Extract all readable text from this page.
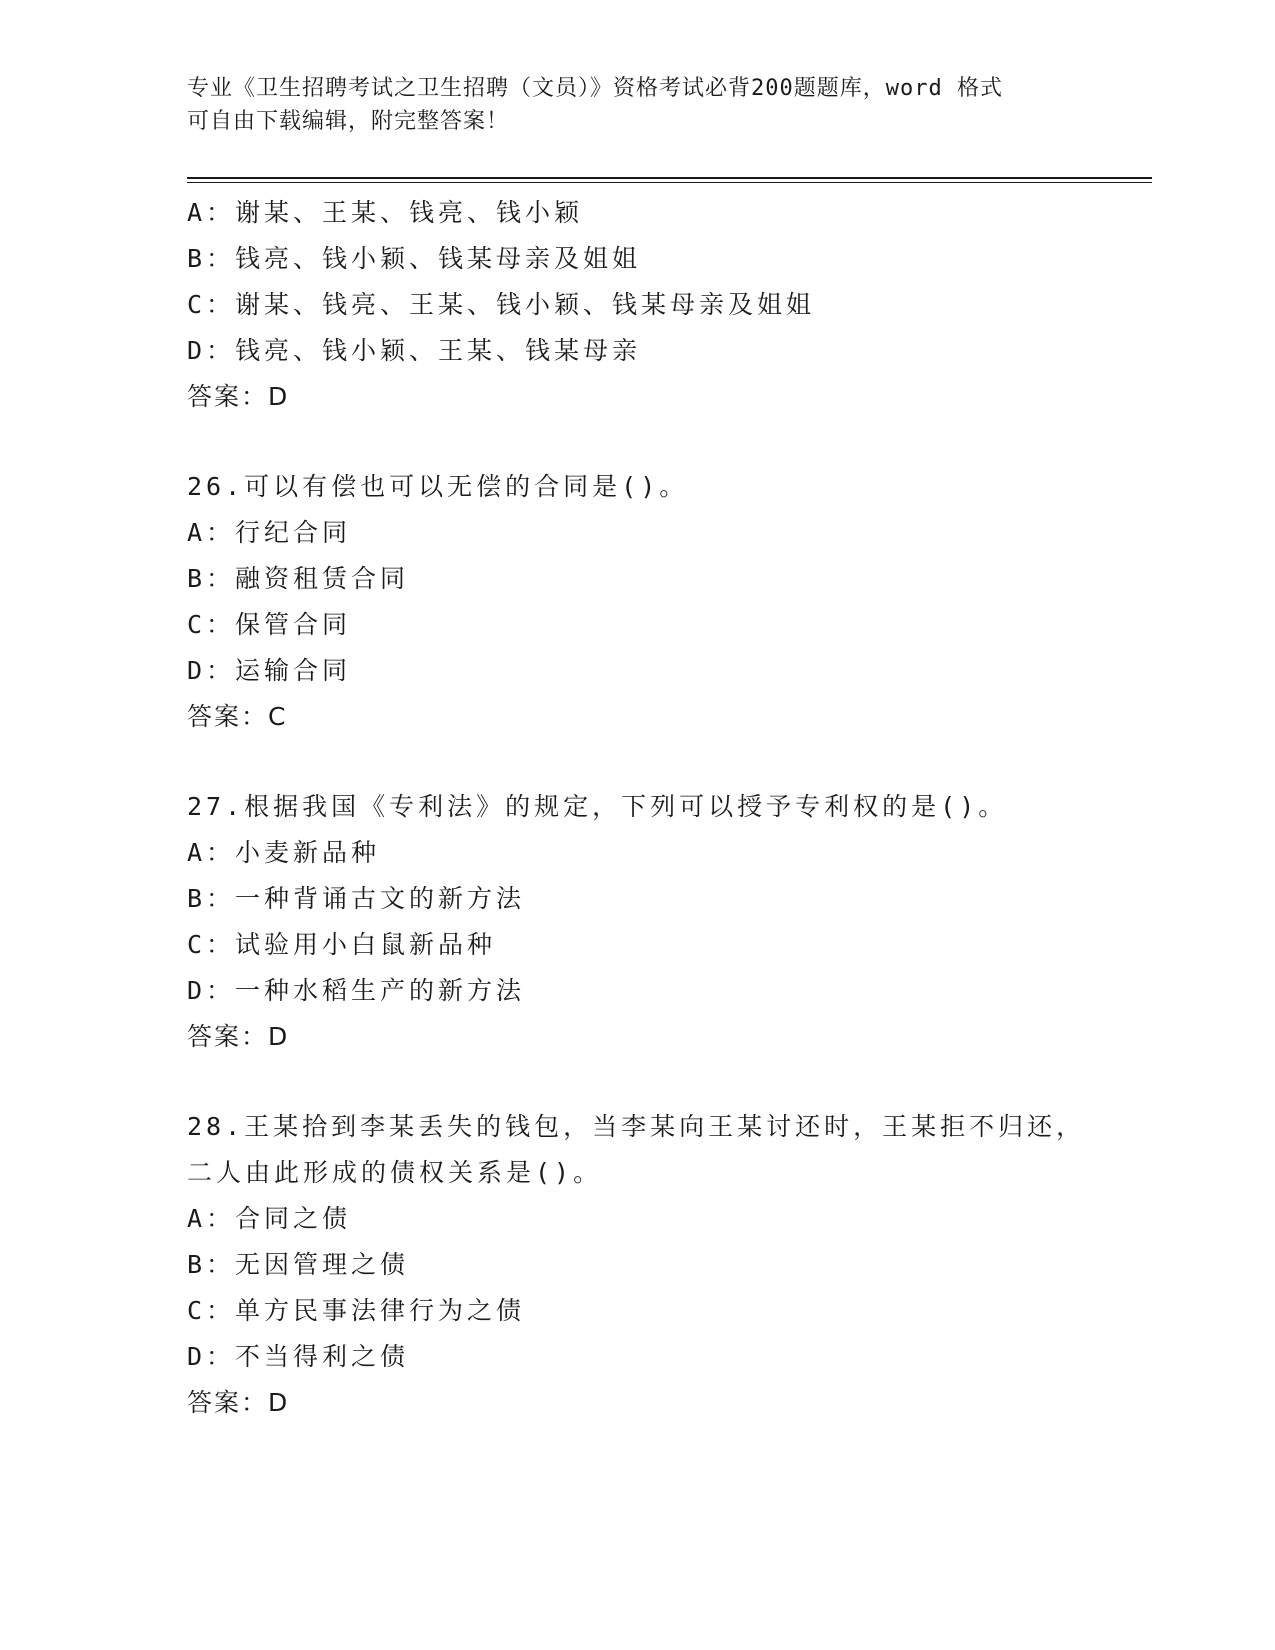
专业《卫生招聘考试之卫生招聘（文员）》资格考试必背200题题库，word 格式
可自由下载编辑，附完整答案！
A：谢某、王某、钱亮、钱小颖
B：钱亮、钱小颖、钱某母亲及姐姐
C：谢某、钱亮、王某、钱小颖、钱某母亲及姐姐
D：钱亮、钱小颖、王某、钱某母亲
答案：D
26.可以有偿也可以无偿的合同是()。
A：行纪合同
B：融资租赁合同
C：保管合同
D：运输合同
答案：C
27.根据我国《专利法》的规定，下列可以授予专利权的是()。
A：小麦新品种
B：一种背诵古文的新方法
C：试验用小白鼠新品种
D：一种水稻生产的新方法
答案：D
28.王某拾到李某丢失的钱包，当李某向王某讨还时，王某拒不归还，
二人由此形成的债权关系是()。
A：合同之债
B：无因管理之债
C：单方民事法律行为之债
D：不当得利之债
答案：D
